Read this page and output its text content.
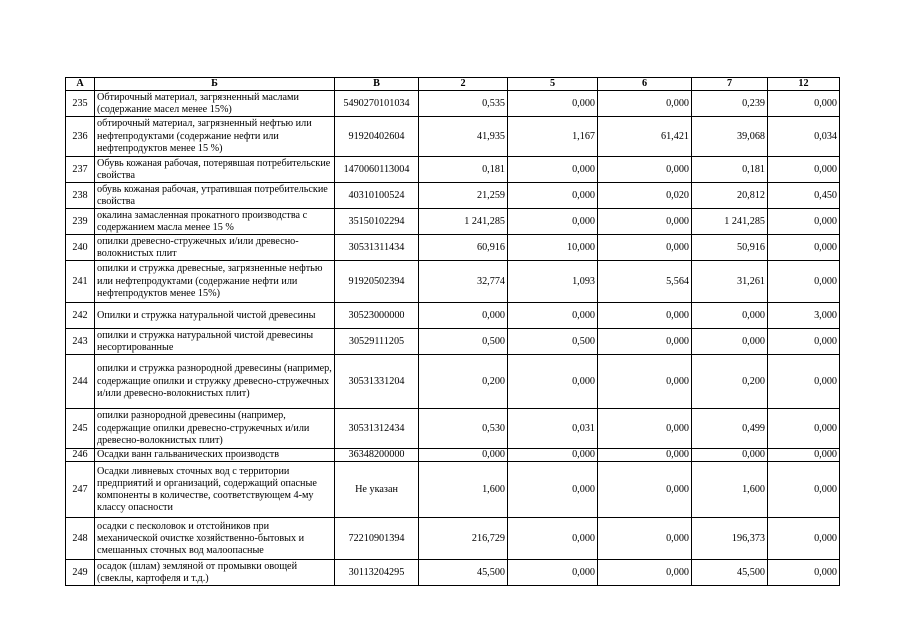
А	Б	В	2	5	6	7	12
235	Обтирочный материал, загрязненный маслами (содержание масел менее 15%)	5490270101034	0,535	0,000	0,000	0,239	0,000
236	обтирочный материал, загрязненный нефтью или нефтепродуктами (содержание нефти или нефтепродуктов менее 15 %)	91920402604	41,935	1,167	61,421	39,068	0,034
237	Обувь кожаная рабочая, потерявшая потребительские свойства	1470060113004	0,181	0,000	0,000	0,181	0,000
238	обувь кожаная рабочая, утратившая потребительские свойства	40310100524	21,259	0,000	0,020	20,812	0,450
239	окалина замасленная прокатного производства с содержанием масла менее 15 %	35150102294	1 241,285	0,000	0,000	1 241,285	0,000
240	опилки древесно-стружечных и/или древесно-волокнистых плит	30531311434	60,916	10,000	0,000	50,916	0,000
241	опилки и стружка древесные, загрязненные нефтью или нефтепродуктами (содержание нефти или нефтепродуктов менее 15%)	91920502394	32,774	1,093	5,564	31,261	0,000
242	Опилки и стружка натуральной чистой древесины	30523000000	0,000	0,000	0,000	0,000	3,000
243	опилки и стружка натуральной чистой древесины несортированные	30529111205	0,500	0,500	0,000	0,000	0,000
244	опилки и стружка разнородной древесины (например, содержащие опилки и стружку древесно-стружечных и/или древесно-волокнистых плит)	30531331204	0,200	0,000	0,000	0,200	0,000
245	опилки разнородной древесины (например, содержащие опилки древесно-стружечных и/или древесно-волокнистых плит)	30531312434	0,530	0,031	0,000	0,499	0,000
246	Осадки ванн гальванических производств	36348200000	0,000	0,000	0,000	0,000	0,000
247	Осадки ливневых сточных вод с территории предприятий и организаций, содержащий опасные компоненты в количестве, соответствующем 4-му классу опасности	Не указан	1,600	0,000	0,000	1,600	0,000
248	осадки с песколовок и отстойников при механической очистке хозяйственно-бытовых и смешанных сточных вод малоопасные	72210901394	216,729	0,000	0,000	196,373	0,000
249	осадок (шлам) земляной от промывки овощей (свеклы, картофеля и т.д.)	30113204295	45,500	0,000	0,000	45,500	0,000
